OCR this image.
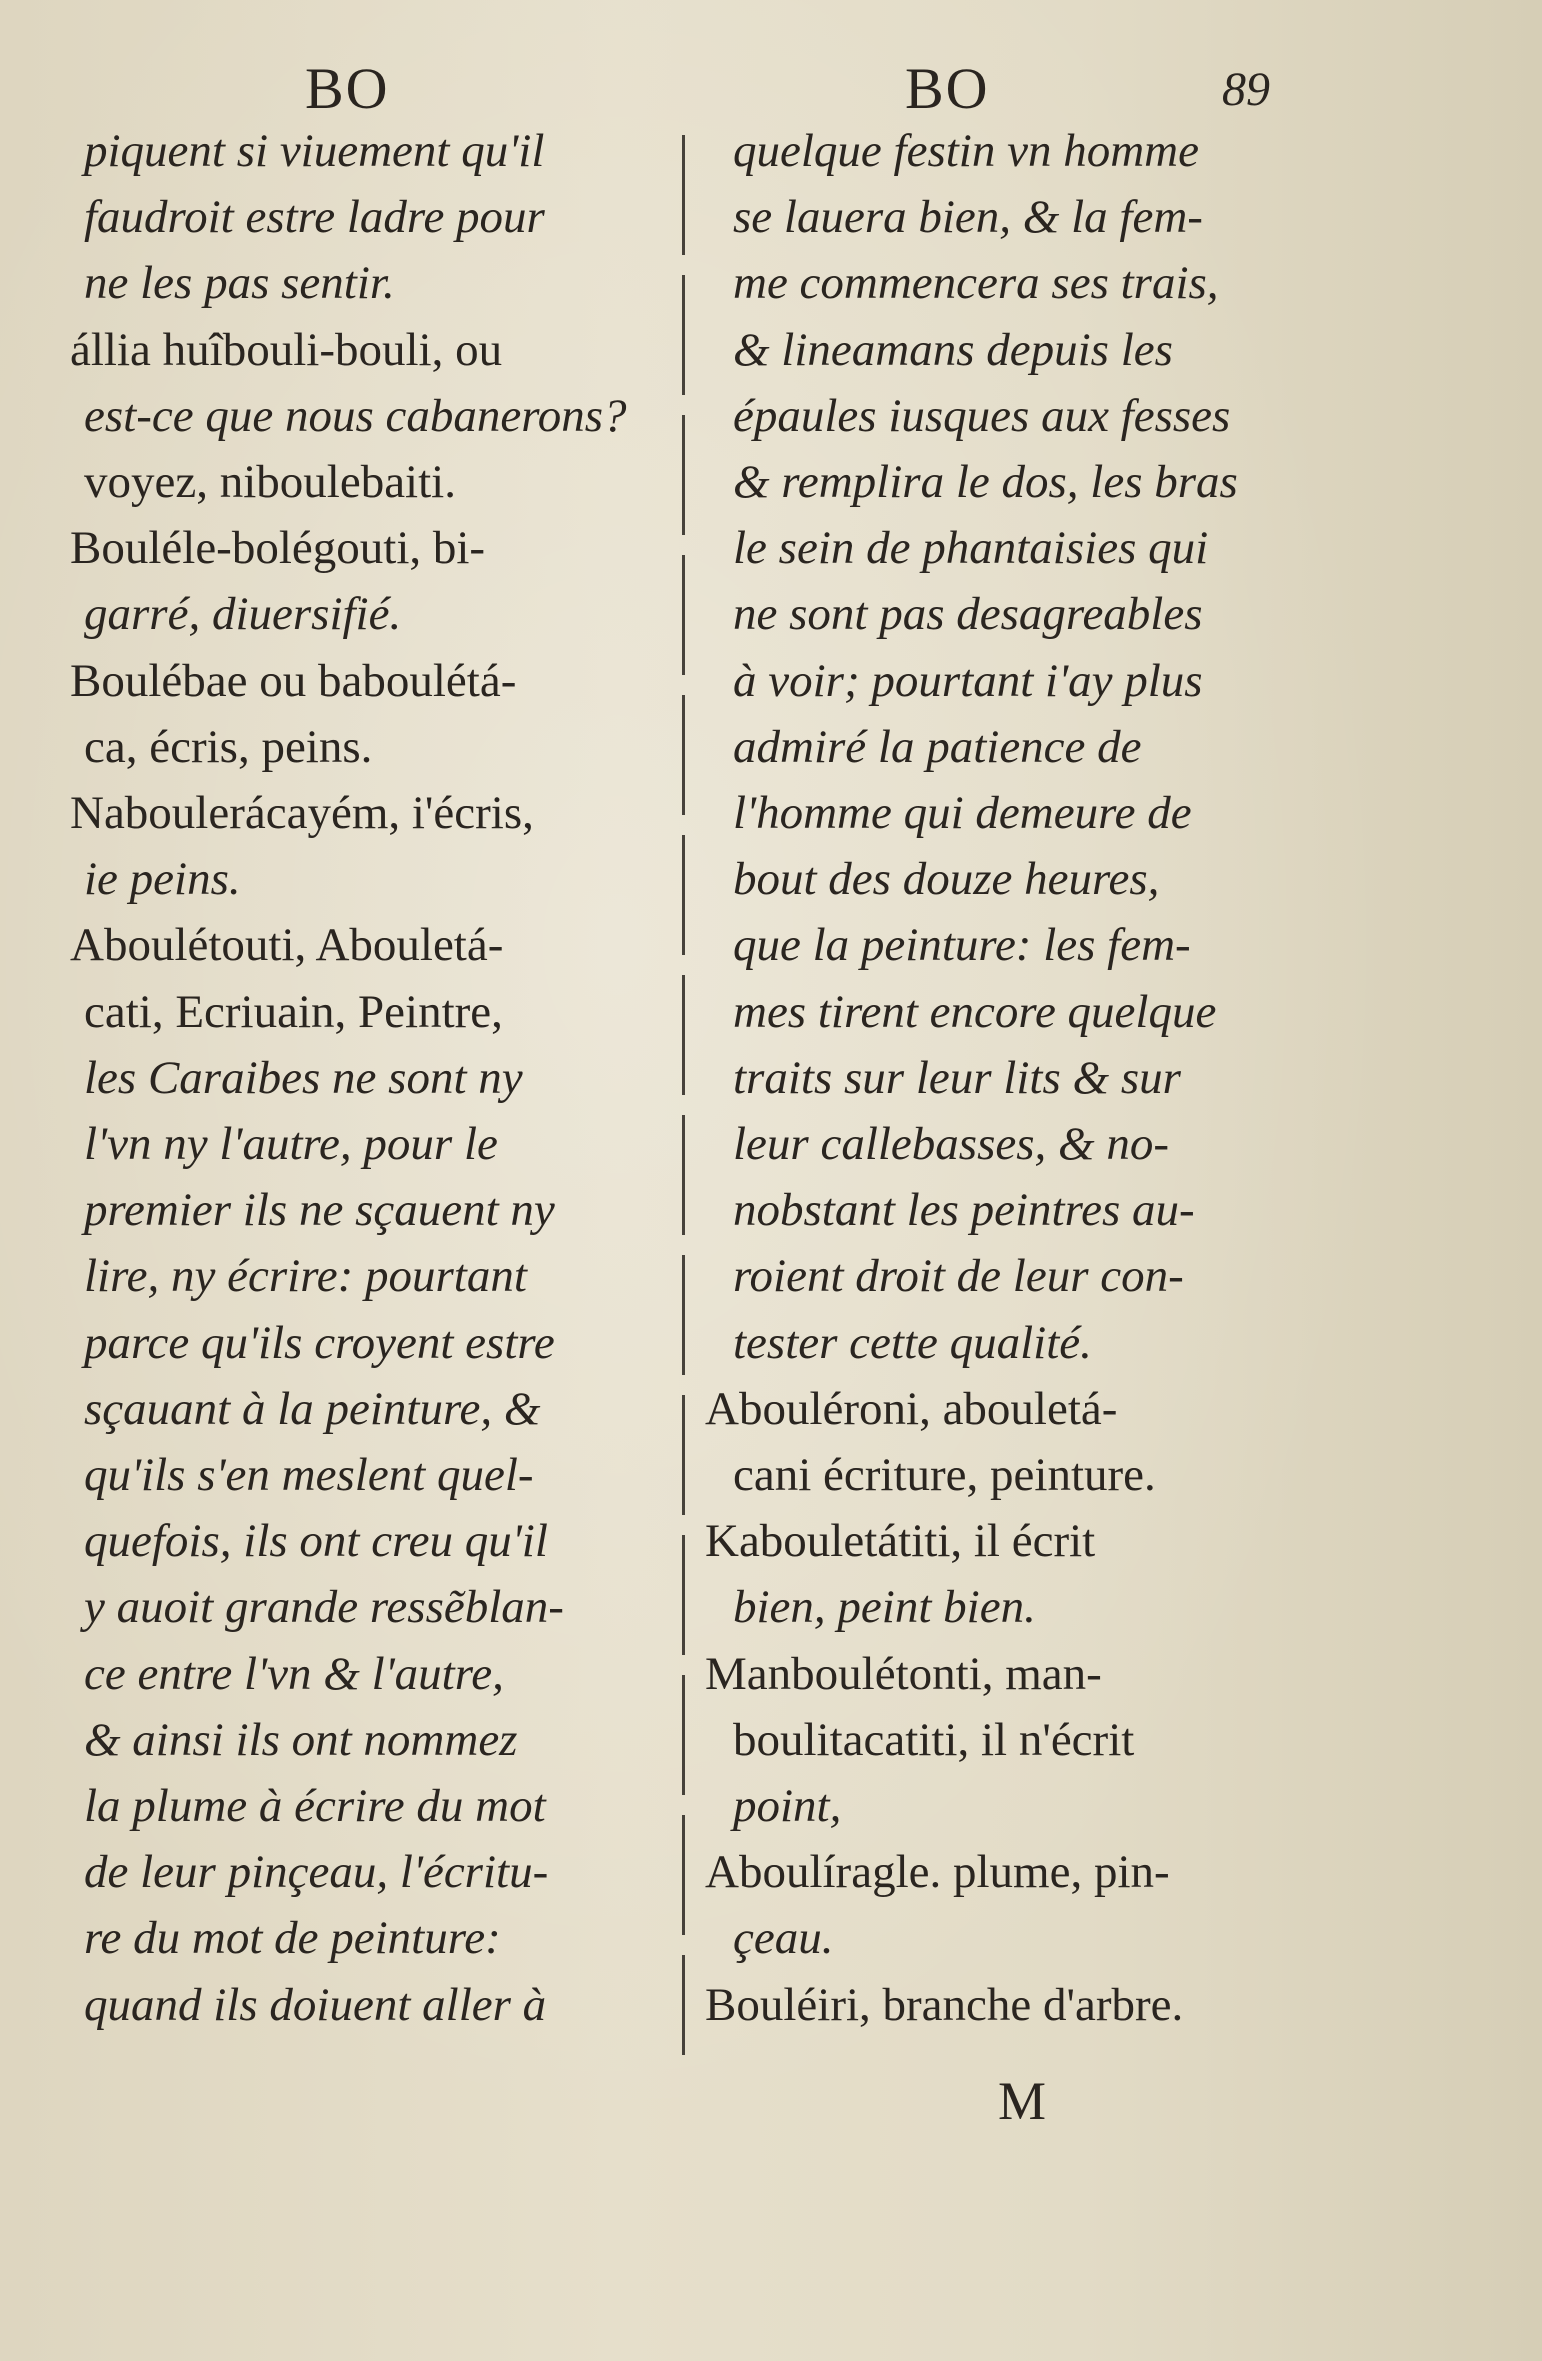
BO	BO	89
piquent si viuement qu'il
faudroit estre ladre pour
ne les pas sentir.
állia huîbouli-bouli, ou
est-ce que nous cabanerons?
voyez, niboulebaiti.
Bouléle-bolégouti, bi-
garré, diuersifié.
Boulébae ou baboulétá-
ca, écris, peins.
Naboulerácayém, i'écris,
ie peins.
Aboulétouti, Abouletá-
cati, Ecriuain, Peintre,
les Caraibes ne sont ny
l'vn ny l'autre, pour le
premier ils ne sçauent ny
lire, ny écrire: pourtant
parce qu'ils croyent estre
sçauant à la peinture, &
qu'ils s'en meslent quel-
quefois, ils ont creu qu'il
y auoit grande ressẽblan-
ce entre l'vn & l'autre,
& ainsi ils ont nommez
la plume à écrire du mot
de leur pinçeau, l'écritu-
re du mot de peinture:
quand ils doiuent aller à
quelque festin vn homme
se lauera bien, & la fem-
me commencera ses trais,
& lineamans depuis les
épaules iusques aux fesses
& remplira le dos, les bras
le sein de phantaisies qui
ne sont pas desagreables
à voir; pourtant i'ay plus
admiré la patience de
l'homme qui demeure de
bout des douze heures,
que la peinture: les fem-
mes tirent encore quelque
traits sur leur lits & sur
leur callebasses, & no-
nobstant les peintres au-
roient droit de leur con-
tester cette qualité.
Abouléroni, abouletá-
cani écriture, peinture.
Kabouletátiti, il écrit
bien, peint bien.
Manboulétonti, man-
boulitacatiti, il n'écrit
point,
Aboulíragle. plume, pin-
çeau.
Bouléiri, branche d'arbre.
M
